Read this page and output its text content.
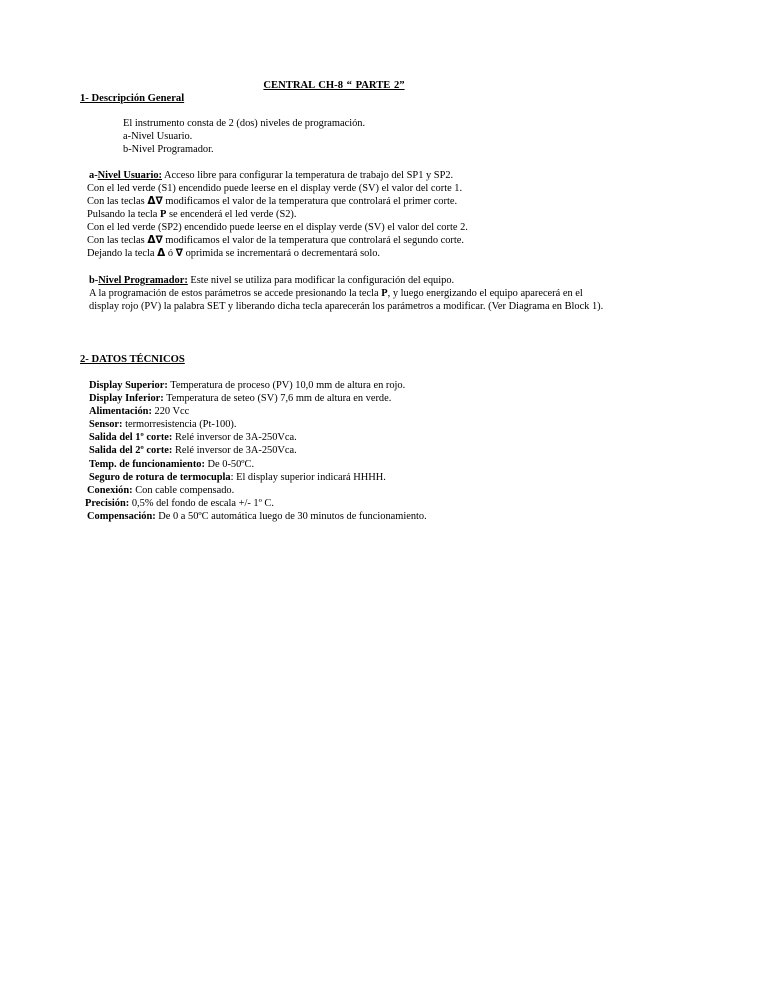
CENTRAL CH-8 “ PARTE 2”
1- Descripción General
El instrumento consta de 2 (dos) niveles de programación.
a-Nivel Usuario.
b-Nivel Programador.
a-Nivel Usuario: Acceso libre para configurar la temperatura de trabajo del SP1 y SP2.
Con el led verde (S1) encendido puede leerse en el display verde (SV) el valor del corte 1.
Con las teclas Δ∇ modificamos el valor de la temperatura que controlará el primer corte.
Pulsando la tecla P se encenderá el led verde (S2).
Con el led verde (SP2) encendido puede leerse en el display verde (SV) el valor del corte 2.
Con las teclas Δ∇ modificamos el valor de la temperatura que controlará el segundo corte.
Dejando la tecla Δ ó ∇ oprimida se incrementará o decrementará solo.
b-Nivel Programador: Este nivel se utiliza para modificar la configuración del equipo.
A la programación de estos parámetros se accede presionando la tecla P, y luego energizando el equipo aparecerá en el
display rojo (PV) la palabra SET y liberando dicha tecla aparecerán los parámetros a modificar. (Ver Diagrama en Block 1).
2- DATOS TÉCNICOS
Display Superior: Temperatura de proceso (PV) 10,0 mm de altura en rojo.
Display Inferior: Temperatura de seteo (SV) 7,6 mm de altura en verde.
Alimentación: 220 Vcc
Sensor: termorresistencia (Pt-100).
Salida del 1º corte: Relé inversor de 3A-250Vca.
Salida del 2º corte: Relé inversor de 3A-250Vca.
Temp. de funcionamiento: De 0-50ºC.
Seguro de rotura de termocupla: El display superior indicará HHHH.
Conexión: Con cable compensado.
Precisión: 0,5% del fondo de escala +/- 1º C.
Compensación: De 0 a 50ºC automática luego de 30 minutos de funcionamiento.
